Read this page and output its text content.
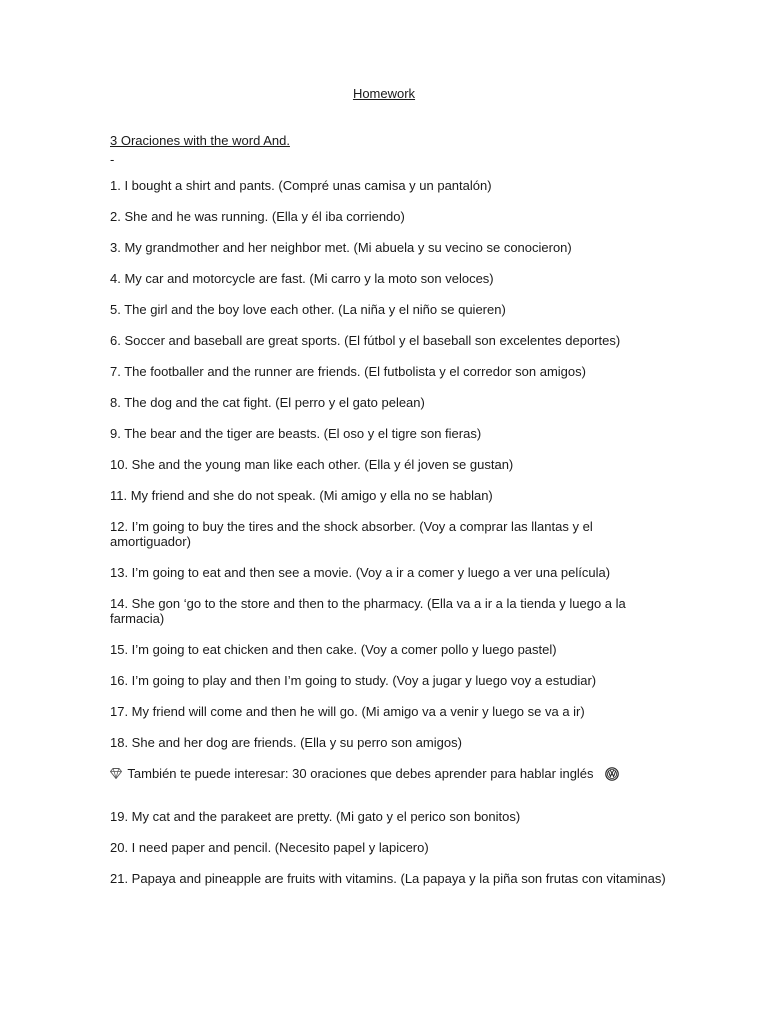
Homework
3 Oraciones with the word And.
-

1. I bought a shirt and pants. (Compré unas camisa y un pantalón)

2. She and he was running. (Ella y él iba corriendo)

3. My grandmother and her neighbor met. (Mi abuela y su vecino se conocieron)

4. My car and motorcycle are fast. (Mi carro y la moto son veloces)

5. The girl and the boy love each other. (La niña y el niño se quieren)

6. Soccer and baseball are great sports. (El fútbol y el baseball son excelentes deportes)

7. The footballer and the runner are friends. (El futbolista y el corredor son amigos)

8. The dog and the cat fight. (El perro y el gato pelean)

9. The bear and the tiger are beasts. (El oso y el tigre son fieras)

10. She and the young man like each other. (Ella y él joven se gustan)

11. My friend and she do not speak. (Mi amigo y ella no se hablan)

12. I’m going to buy the tires and the shock absorber. (Voy a comprar las llantas y el amortiguador)

13. I’m going to eat and then see a movie. (Voy a ir a comer y luego a ver una película)

14. She gon ‘go to the store and then to the pharmacy. (Ella va a ir a la tienda y luego a la farmacia)

15. I’m going to eat chicken and then cake. (Voy a comer pollo y luego pastel)

16. I’m going to play and then I’m going to study. (Voy a jugar y luego voy a estudiar)

17. My friend will come and then he will go. (Mi amigo va a venir y luego se va a ir)

18. She and her dog are friends. (Ella y su perro son amigos)

También te puede interesar: 30 oraciones que debes aprender para hablar inglés

19. My cat and the parakeet are pretty. (Mi gato y el perico son bonitos)

20. I need paper and pencil. (Necesito papel y lapicero)

21. Papaya and pineapple are fruits with vitamins. (La papaya y la piña son frutas con vitaminas)
